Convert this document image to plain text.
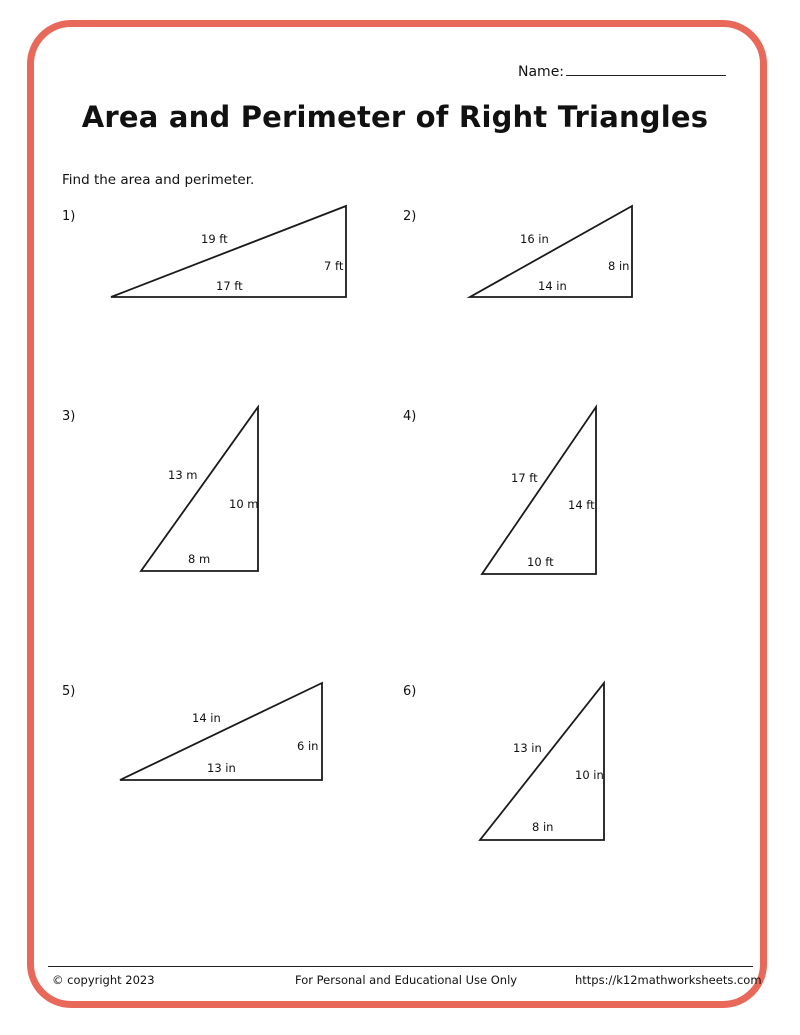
Name:
Area and Perimeter of Right Triangles
Find the area and perimeter.
1)
19 ft
7 ft
17 ft
2)
16 in
8 in
14 in
3)
13 m
10 m
8 m
4)
17 ft
14 ft
10 ft
5)
14 in
6 in
13 in
6)
13 in
10 in
8 in
© copyright 2023	For Personal and Educational Use Only	https://k12mathworksheets.com
